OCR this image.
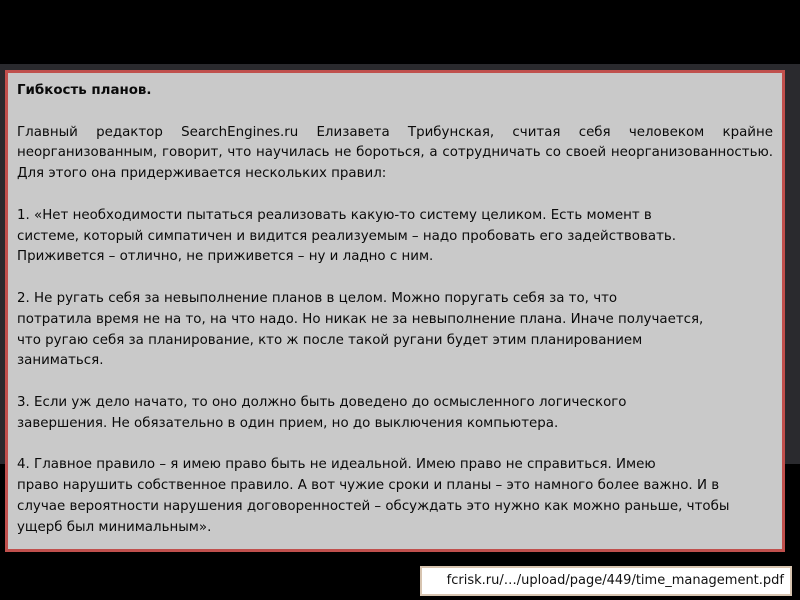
Гибкость планов.
Главный редактор SearchEngines.ru Елизавета Трибунская, считая себя человеком крайне неорганизованным, говорит, что научилась не бороться, а сотрудничать со своей неорганизованностью. Для этого она придерживается нескольких правил:
1. «Нет необходимости пытаться реализовать какую-то систему целиком. Есть момент в
системе, который симпатичен и видится реализуемым – надо пробовать его задействовать.
Приживется – отлично, не приживется – ну и ладно с ним.
2. Не ругать себя за невыполнение планов в целом. Можно поругать себя за то, что
потратила время не на то, на что надо. Но никак не за невыполнение плана. Иначе получается,
что ругаю себя за планирование, кто ж после такой ругани будет этим планированием
заниматься.
3. Если уж дело начато, то оно должно быть доведено до осмысленного логического
завершения. Не обязательно в один прием, но до выключения компьютера.
4. Главное правило – я имею право быть не идеальной. Имею право не справиться. Имею
право нарушить собственное правило. А вот чужие сроки и планы – это намного более важно. И в
случае вероятности нарушения договоренностей – обсуждать это нужно как можно раньше, чтобы
ущерб был минимальным».
fcrisk.ru/…/upload/page/449/time_management.pdf
